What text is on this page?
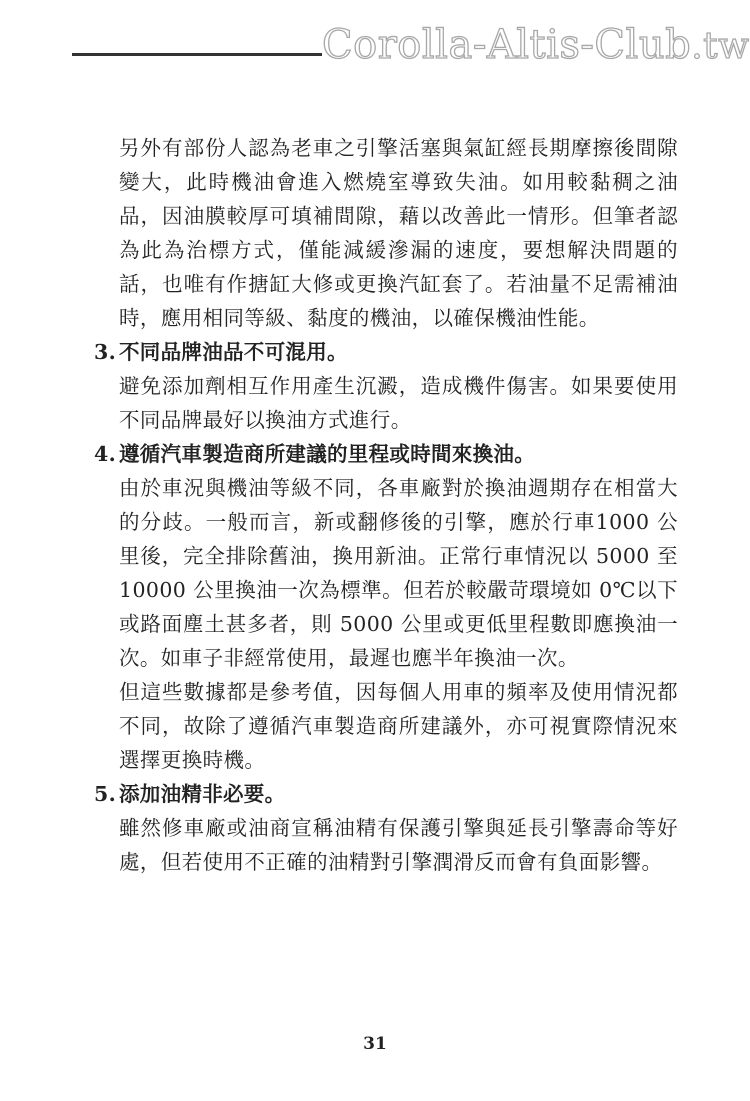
Corolla-Altis-Club.tw

另外有部份人認為老車之引擎活塞與氣缸經長期摩擦後間隙變大，此時機油會進入燃燒室導致失油。如用較黏稠之油品，因油膜較厚可填補間隙，藉以改善此一情形。但筆者認為此為治標方式，僅能減緩滲漏的速度，要想解決問題的話，也唯有作搪缸大修或更換汽缸套了。若油量不足需補油時，應用相同等級、黏度的機油，以確保機油性能。

3. 不同品牌油品不可混用。

避免添加劑相互作用產生沉澱，造成機件傷害。如果要使用不同品牌最好以換油方式進行。

4. 遵循汽車製造商所建議的里程或時間來換油。

由於車況與機油等級不同，各車廠對於換油週期存在相當大的分歧。一般而言，新或翻修後的引擎，應於行車1000 公里後，完全排除舊油，換用新油。正常行車情況以 5000 至 10000 公里換油一次為標準。但若於較嚴苛環境如 0℃以下或路面塵土甚多者，則 5000 公里或更低里程數即應換油一次。如車子非經常使用，最遲也應半年換油一次。

但這些數據都是參考值，因每個人用車的頻率及使用情況都不同，故除了遵循汽車製造商所建議外，亦可視實際情況來選擇更換時機。

5. 添加油精非必要。

雖然修車廠或油商宣稱油精有保護引擎與延長引擎壽命等好處，但若使用不正確的油精對引擎潤滑反而會有負面影響。

31
